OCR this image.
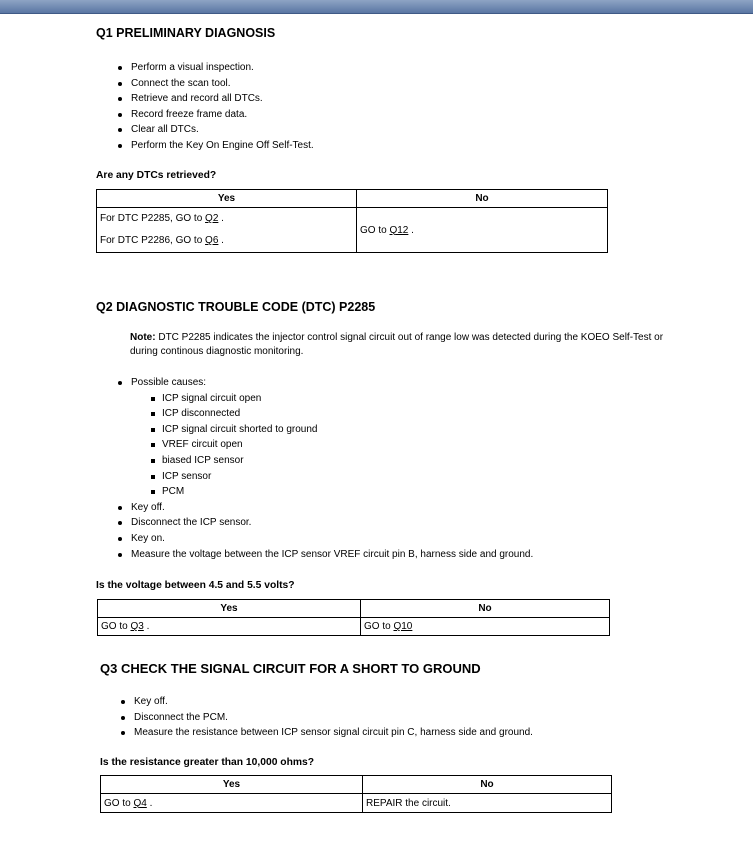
Q1 PRELIMINARY DIAGNOSIS
Perform a visual inspection.
Connect the scan tool.
Retrieve and record all DTCs.
Record freeze frame data.
Clear all DTCs.
Perform the Key On Engine Off Self-Test.

Are any DTCs retrieved?

Yes	No

For DTC P2285, GO to Q2 .
For DTC P2286, GO to Q6 .	GO to Q12 .
Q2 DIAGNOSTIC TROUBLE CODE (DTC) P2285
Note: DTC P2285 indicates the injector control signal circuit out of range low was detected during the KOEO Self-Test or during continous diagnostic monitoring.
Possible causes:
ICP signal circuit open
ICP disconnected
ICP signal circuit shorted to ground
VREF circuit open
biased ICP sensor
ICP sensor
PCM
Key off.
Disconnect the ICP sensor.
Key on.
Measure the voltage between the ICP sensor VREF circuit pin B, harness side and ground.

Is the voltage between 4.5 and 5.5 volts?

Yes	No
GO to Q3 .	GO to Q10
Q3 CHECK THE SIGNAL CIRCUIT FOR A SHORT TO GROUND
Key off.
Disconnect the PCM.
Measure the resistance between ICP sensor signal circuit pin C, harness side and ground.

Is the resistance greater than 10,000 ohms?

Yes	No
GO to Q4 .	REPAIR the circuit.
